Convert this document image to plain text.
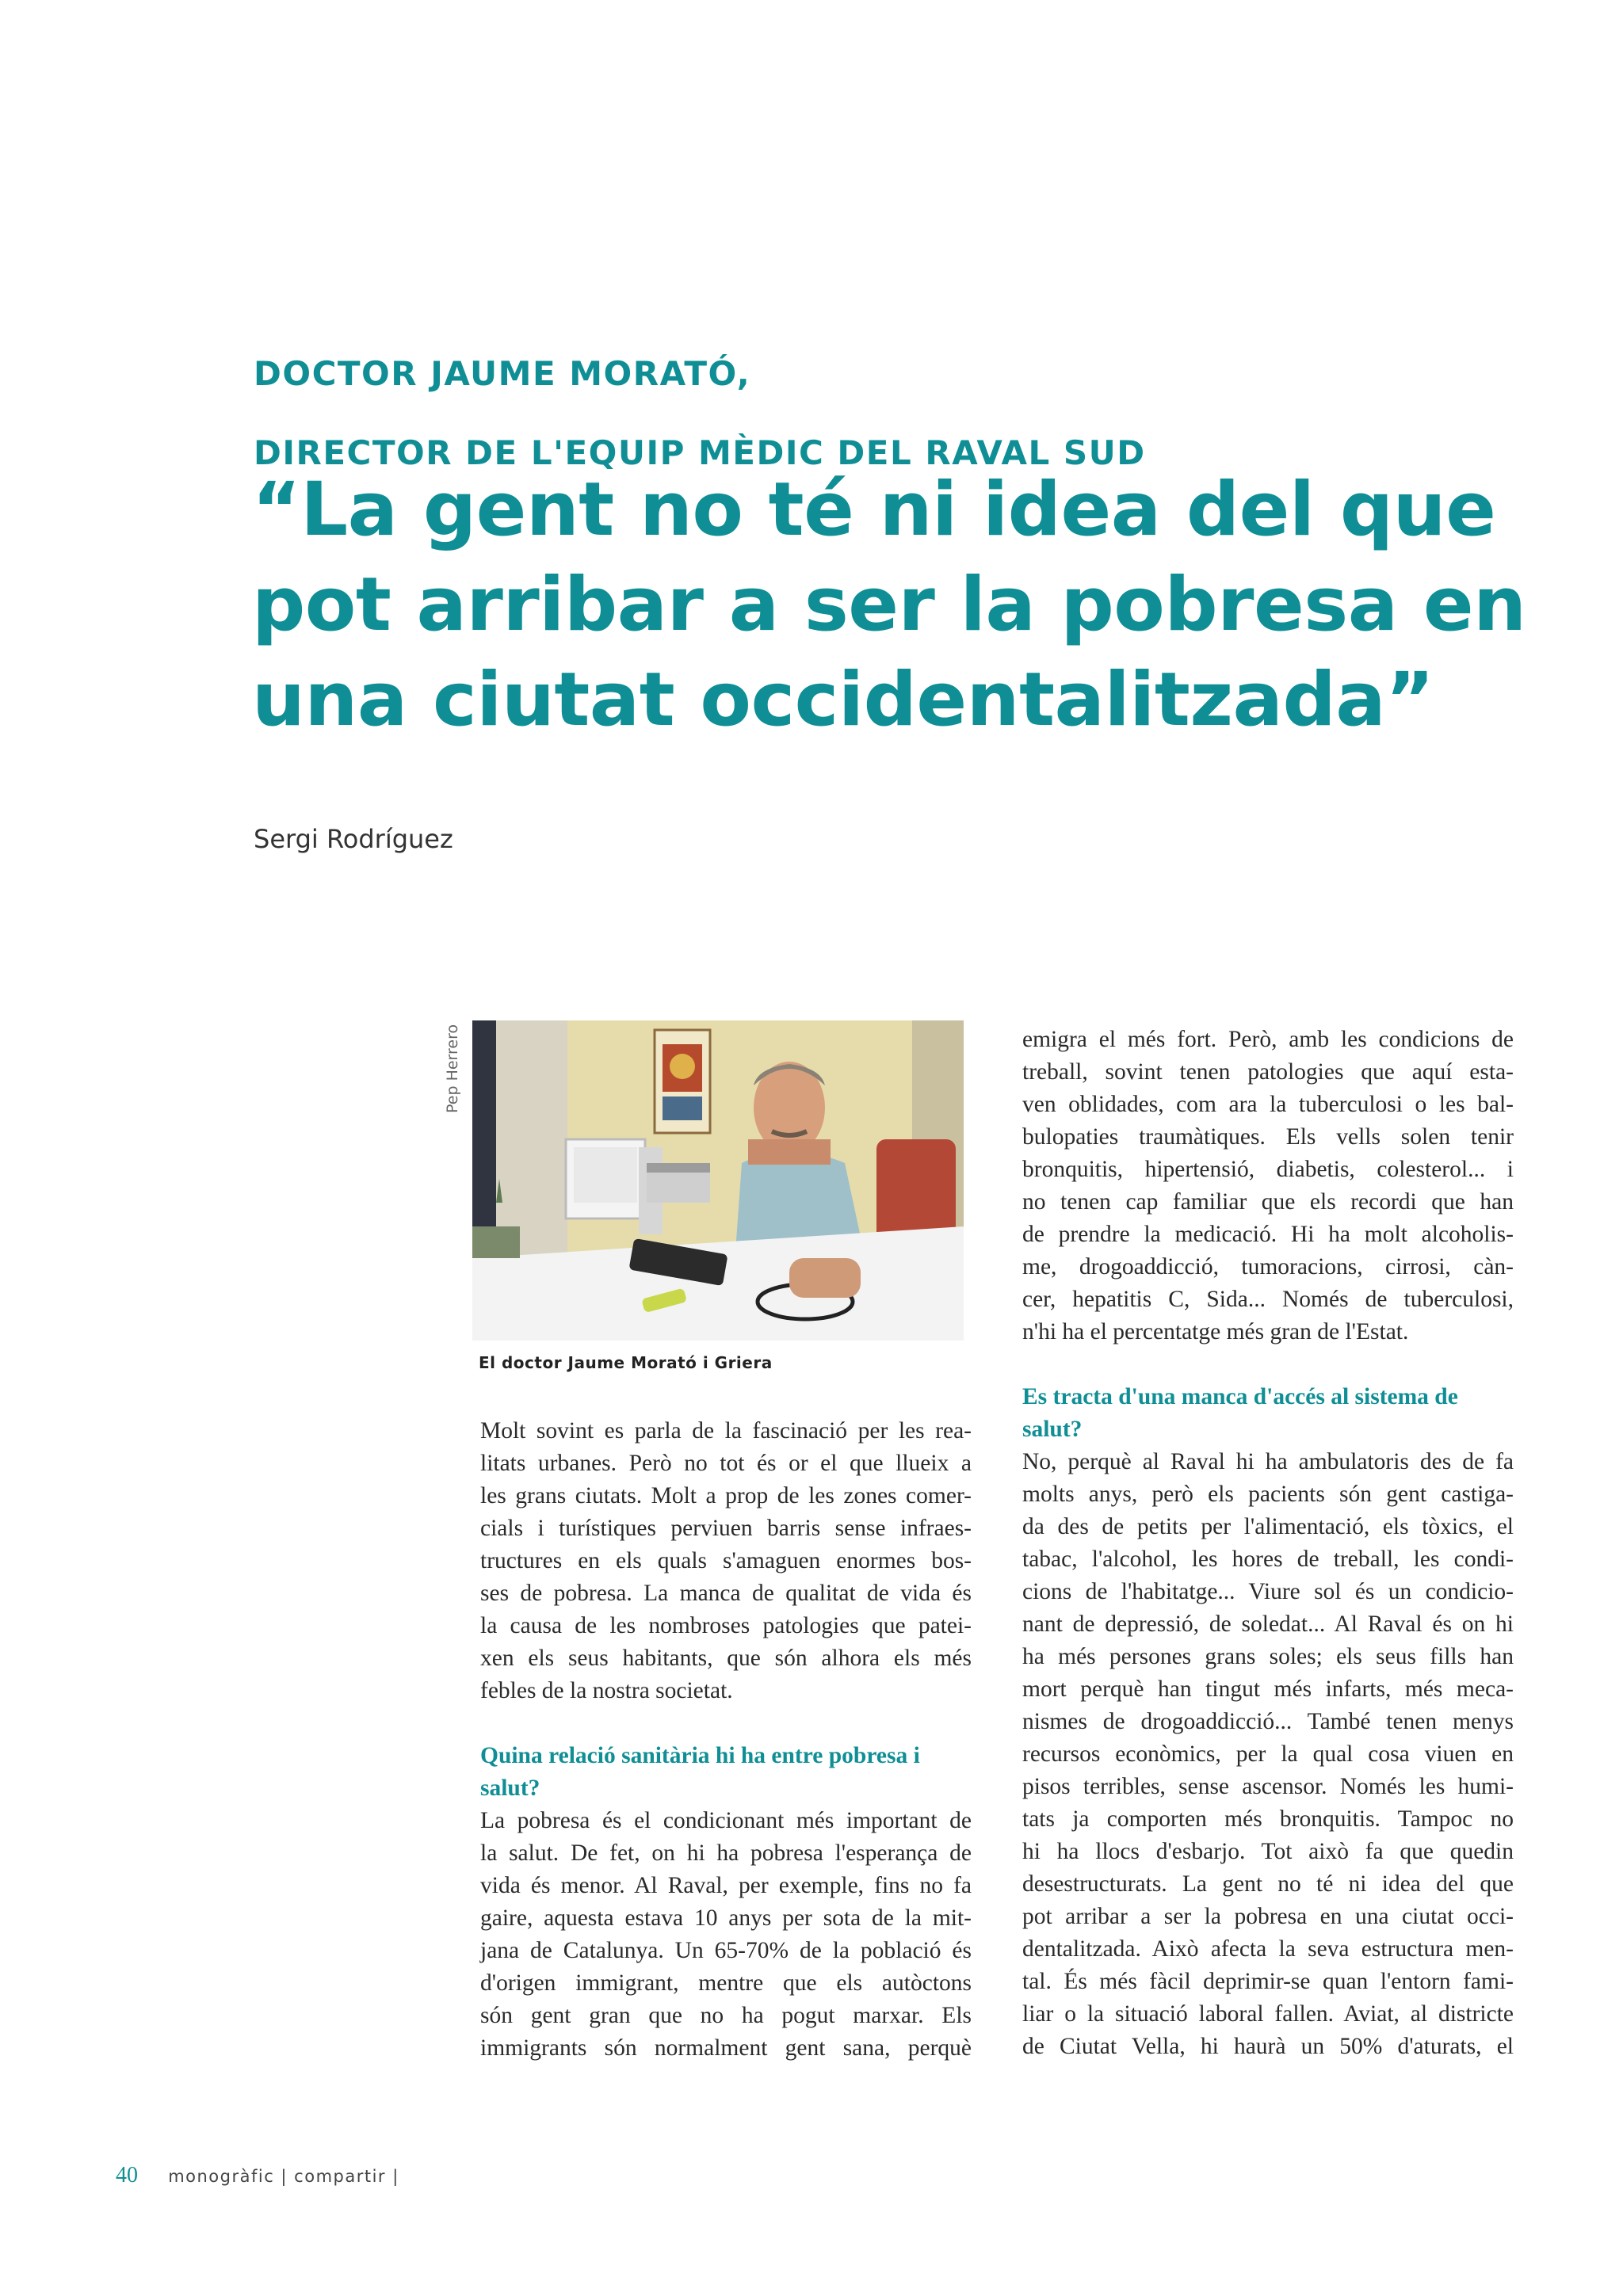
DOCTOR JAUME MORATÓ,
DIRECTOR DE L'EQUIP MÈDIC DEL RAVAL SUD
“La gent no té ni idea del que
pot arribar a ser la pobresa en
una ciutat occidentalitzada”
Sergi Rodríguez
Pep Herrero
El doctor Jaume Morató i Griera
Molt sovint es parla de la fascinació per les rea-
litats urbanes. Però no tot és or el que llueix a
les grans ciutats. Molt a prop de les zones comer-
cials i turístiques perviuen barris sense infraes-
tructures en els quals s'amaguen enormes bos-
ses de pobresa. La manca de qualitat de vida és
la causa de les nombroses patologies que pateі-
xen els seus habitants, que són alhora els més
febles de la nostra societat.
Quina relació sanitària hi ha entre pobresa i
salut?
La pobresa és el condicionant més important de
la salut. De fet, on hi ha pobresa l'esperança de
vida és menor. Al Raval, per exemple, fins no fa
gaire, aquesta estava 10 anys per sota de la mit-
jana de Catalunya. Un 65-70% de la població és
d'origen immigrant, mentre que els autòctons
són gent gran que no ha pogut marxar. Els
immigrants són normalment gent sana, perquè
emigra el més fort. Però, amb les condicions de
treball, sovint tenen patologies que aquí esta-
ven oblidades, com ara la tuberculosi o les bal-
bulopaties traumàtiques. Els vells solen tenir
bronquitis, hipertensió, diabetis, colesterol... i
no tenen cap familiar que els recordi que han
de prendre la medicació. Hi ha molt alcoholis-
me, drogoaddicció, tumoracions, cirrosi, càn-
cer, hepatitis C, Sida... Només de tuberculosi,
n'hi ha el percentatge més gran de l'Estat.
Es tracta d'una manca d'accés al sistema de
salut?
No, perquè al Raval hi ha ambulatoris des de fa
molts anys, però els pacients són gent castiga-
da des de petits per l'alimentació, els tòxics, el
tabac, l'alcohol, les hores de treball, les condi-
cions de l'habitatge... Viure sol és un condicio-
nant de depressió, de soledat... Al Raval és on hi
ha més persones grans soles; els seus fills han
mort perquè han tingut més infarts, més meca-
nismes de drogoaddicció... També tenen menys
recursos econòmics, per la qual cosa viuen en
pisos terribles, sense ascensor. Només les humi-
tats ja comporten més bronquitis. Tampoc no
hi ha llocs d'esbarjo. Tot això fa que quedin
desestructurats. La gent no té ni idea del que
pot arribar a ser la pobresa en una ciutat occi-
dentalitzada. Això afecta la seva estructura men-
tal. És més fàcil deprimir-se quan l'entorn fami-
liar o la situació laboral fallen. Aviat, al districte
de Ciutat Vella, hi haurà un 50% d'aturats, el
40 monogràfic | compartir |
